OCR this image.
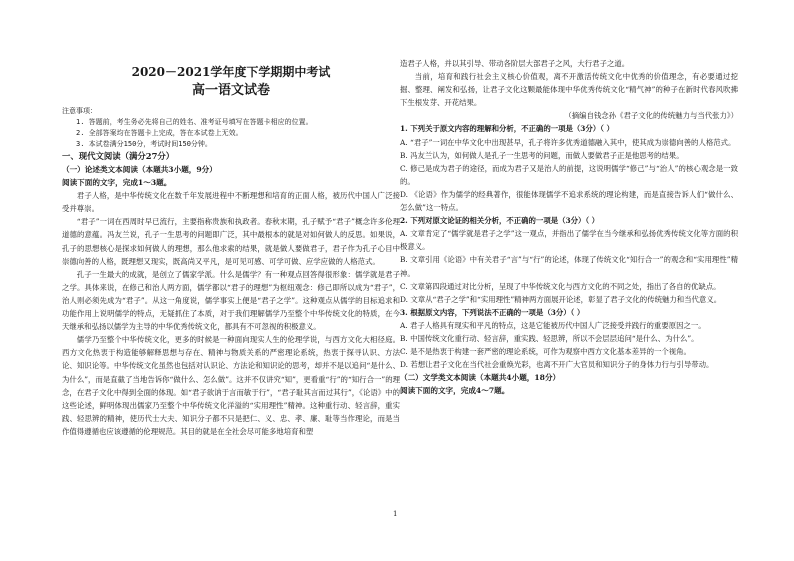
2020－2021学年度下学期期中考试
高一语文试卷
注意事项：
1. 答题前，考生务必先将自己的姓名、准考证号填写在答题卡相应的位置。
2. 全部答案均在答题卡上完成，答在本试卷上无效。
3. 本试卷满分150分，考试时间150分钟。
一、现代文阅读（满分27分）
（一）论述类文本阅读（本题共3小题，9分）
阅读下面的文字，完成1～3题。

君子人格，是中华传统文化在数千年发展进程中不断理想和培育的正面人格，被历代中国人广泛接受并尊崇。

“君子”一词在西周时早已流行，主要指称贵族和执政者。春秋末期，孔子赋予“君子”概念许多伦理道德的意蕴。冯友兰说，孔子一生思考的问题即广泛，其中最根本的就是对如何做人的反思。如果说，孔子的思想核心是探求如何做人的理想，那么他求索的结果，就是做人要做君子，君子作为孔子心目中崇德向善的人格，既理想又现实，既高尚又平凡，是可见可感、可学可做、应学应做的人格范式。

孔子一生最大的成就，是创立了儒家学派。什么是儒学？有一种观点回答得很形象：儒学就是君子之学。具体来说，在修己和治人两方面，儒学都以“君子的理想”为枢纽观念：修己即所以成为“君子”，治人则必须先成为“君子”。从这一角度说，儒学事实上便是“君子之学”。这种观点从儒学的目标追求和功能作用上说明儒学的特点，无疑抓住了本质，对于我们理解儒学乃至整个中华传统文化的特质，在今天继承和弘扬以儒学为主导的中华优秀传统文化，都具有不可忽视的积极意义。

儒学乃至整个中华传统文化，更多的时候是一种面向现实人生的伦理学说，与西方文化大相径庭。西方文化热衷于构造能够解释思想与存在、精神与物质关系的严密理论系统，热衷于探寻认识、方法论、知识论等。中华传统文化虽然也包括对认识论、方法论和知识论的思考，却并不是以追问“是什么、为什么”，而是直截了当地告诉你“做什么、怎么做”。这并不仅讲究“知”，更看重“行”的“知行合一”的理念，在君子文化中得到全面的体现。如“君子欲讷于言而敏于行”，“君子耻其言而过其行”，《论语》中的这些论述，鲜明体现出儒家乃至整个中华传统文化洋溢的“实用理性”精神。这种重行动、轻言辞，重实践、轻思辨的精神，使历代士大夫、知识分子都不只是把仁、义、忠、孝、廉、耻等当作理论，而是当作值得遵循也应该遵循的伦理规范。其目的就是在全社会尽可能多地培育和塑

造君子人格，并以其引导、带动各阶层大部君子之风，大行君子之道。

当前，培育和践行社会主义核心价值观，离不开激活传统文化中优秀的价值理念，有必要通过挖掘、整理、阐发和弘扬，让君子文化这颗最能体现中华优秀传统文化“精气神”的种子在新时代春风吹拂下生根发芽、开花结果。

（摘编自钱念孙《君子文化的传统魅力与当代张力》）

1. 下列关于原文内容的理解和分析，不正确的一项是（3分）（ ）

A. “君子”一词在中华文化中出现甚早，孔子将许多优秀道德融入其中，使其成为崇德向善的人格范式。

B. 冯友兰认为，如何做人是孔子一生思考的问题，而做人要做君子正是他思考的结果。

C. 修己是成为君子的途径，而成为君子又是治人的前提，这说明儒学“修己”与“治人”的核心观念是一致的。

D. 《论语》作为儒学的经典著作，很能体现儒学不追求系统的理论构建，而是直接告诉人们“做什么、怎么做”这一特点。

2. 下列对原文论证的相关分析，不正确的一项是（3分）（ ）

A. 文章肯定了“儒学就是君子之学”这一观点，并指出了儒学在当今继承和弘扬优秀传统文化等方面的积极意义。

B. 文章引用《论语》中有关君子“言”与“行”的论述，体现了传统文化“知行合一”的观念和“实用理性”精神。

C. 文章第四段通过对比分析，呈现了中华传统文化与西方文化的不同之处，指出了各自的优缺点。

D. 文章从“君子之学”和“实用理性”精神两方面展开论述，彰显了君子文化的传统魅力和当代意义。

3. 根据原文内容，下列说法不正确的一项是（3分）（ ）

A. 君子人格具有现实和平凡的特点，这是它能被历代中国人广泛接受并践行的重要原因之一。

B. 中国传统文化重行动、轻言辞，重实践、轻思辨，所以不会层层追问“是什么、为什么”。

C. 是不是热衷于构建一套严密的理论系统，可作为观察中西方文化基本差异的一个视角。

D. 若想让君子文化在当代社会重焕光彩，也离不开广大官员和知识分子的身体力行与引导带动。

（二）文学类文本阅读（本题共4小题，18分）
阅读下面的文字，完成4～7题。
1
